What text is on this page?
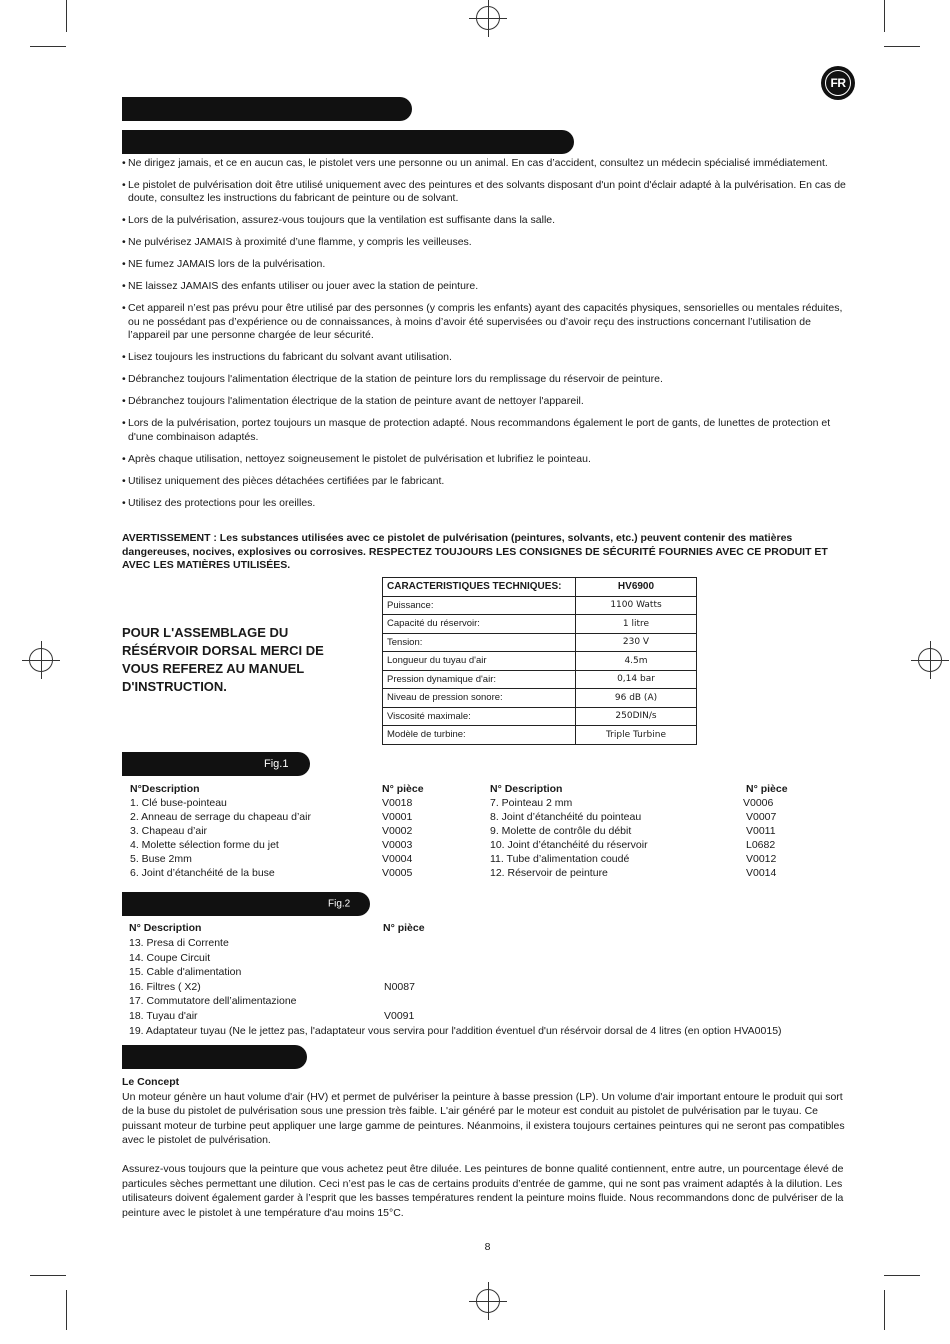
FR
• Ne dirigez jamais, et ce en aucun cas, le pistolet vers une personne ou un animal. En cas d’accident, consultez un médecin spécialisé immédiatement.
• Le pistolet de pulvérisation doit être utilisé uniquement avec des peintures et des solvants disposant d'un point d'éclair adapté à la pulvérisation. En cas de doute, consultez les instructions du fabricant de peinture ou de solvant.
• Lors de la pulvérisation, assurez-vous toujours que la ventilation est suffisante dans la salle.
• Ne pulvérisez JAMAIS à proximité d’une flamme, y compris les veilleuses.
• NE fumez JAMAIS lors de la pulvérisation.
• NE laissez JAMAIS des enfants utiliser ou jouer avec la station de peinture.
• Cet appareil n’est pas prévu pour être utilisé par des personnes (y compris les enfants) ayant des capacités physiques, sensorielles ou mentales réduites, ou ne possédant pas d’expérience ou de connaissances, à moins d’avoir été supervisées ou d’avoir reçu des instructions concernant l’utilisation de l’appareil par une personne chargée de leur sécurité.
• Lisez toujours les instructions du fabricant du solvant avant utilisation.
• Débranchez toujours l'alimentation électrique de la station de peinture lors du remplissage du réservoir de peinture.
• Débranchez toujours l'alimentation électrique de la station de peinture avant de nettoyer l'appareil.
• Lors de la pulvérisation, portez toujours un masque de protection adapté. Nous recommandons également le port de gants, de lunettes de protection et d'une combinaison adaptés.
• Après chaque utilisation, nettoyez soigneusement le pistolet de pulvérisation et lubrifiez le pointeau.
• Utilisez uniquement des pièces détachées certifiées par le fabricant.
• Utilisez des protections pour les oreilles.
AVERTISSEMENT : Les substances utilisées avec ce pistolet de pulvérisation (peintures, solvants, etc.) peuvent contenir des matières dangereuses, nocives, explosives ou corrosives. RESPECTEZ TOUJOURS LES CONSIGNES DE SÉCURITÉ FOURNIES AVEC CE PRODUIT ET AVEC LES MATIÈRES UTILISÉES.
POUR L'ASSEMBLAGE DU RÉSÉRVOIR DORSAL MERCI DE VOUS REFEREZ AU MANUEL D'INSTRUCTION.
CARACTERISTIQUES TECHNIQUES:	HV6900
Puissance:	1100 Watts
Capacité du réservoir:	1 litre
Tension:	230 V
Longueur du tuyau d'air	4.5m
Pression dynamique d'air:	0,14 bar
Niveau de pression sonore:	96 dB (A)
Viscosité maximale:	250DIN/s
Modèle de turbine:	Triple Turbine
Fig.1
N°Description	N° pièce	N° Description	N° pièce
1. Clé buse-pointeau	V0018
2. Anneau de serrage du chapeau d’air	V0001
3. Chapeau d’air	V0002
4. Molette sélection forme du jet	V0003
5. Buse 2mm	V0004
6. Joint d’étanchéité de la buse	V0005
7. Pointeau 2 mm	V0006
8. Joint d’étanchéité du pointeau	V0007
9. Molette de contrôle du débit	V0011
10. Joint d’étanchéité du réservoir	L0682
11. Tube d’alimentation coudé	V0012
12. Réservoir de peinture	V0014
Fig.2
N° Description	N° pièce
13. Presa di Corrente
14. Coupe Circuit
15. Cable d'alimentation
16. Filtres ( X2)	N0087
17. Commutatore dell’alimentazione
18. Tuyau d'air	V0091
19. Adaptateur tuyau (Ne le jettez pas, l'adaptateur vous servira pour l'addition éventuel d'un résérvoir dorsal de 4 litres (en option HVA0015)
Le Concept

Un moteur génère un haut volume d'air (HV) et permet de pulvériser la peinture à basse pression (LP). Un volume d'air important entoure le produit qui sort de la buse du pistolet de pulvérisation sous une pression très faible. L'air généré par le moteur est conduit au pistolet de pulvérisation par le tuyau. Ce puissant moteur de turbine peut appliquer une large gamme de peintures. Néanmoins, il existera toujours certaines peintures qui ne seront pas compatibles avec le pistolet de pulvérisation.

Assurez-vous toujours que la peinture que vous achetez peut être diluée. Les peintures de bonne qualité contiennent, entre autre, un pourcentage élevé de particules sèches permettant une dilution. Ceci n’est pas le cas de certains produits d’entrée de gamme, qui ne sont pas vraiment adaptés à la dilution. Les utilisateurs doivent également garder à l’esprit que les basses températures rendent la peinture moins fluide. Nous recommandons donc de pulvériser de la peinture avec le pistolet à une température d'au moins 15°C.

8
